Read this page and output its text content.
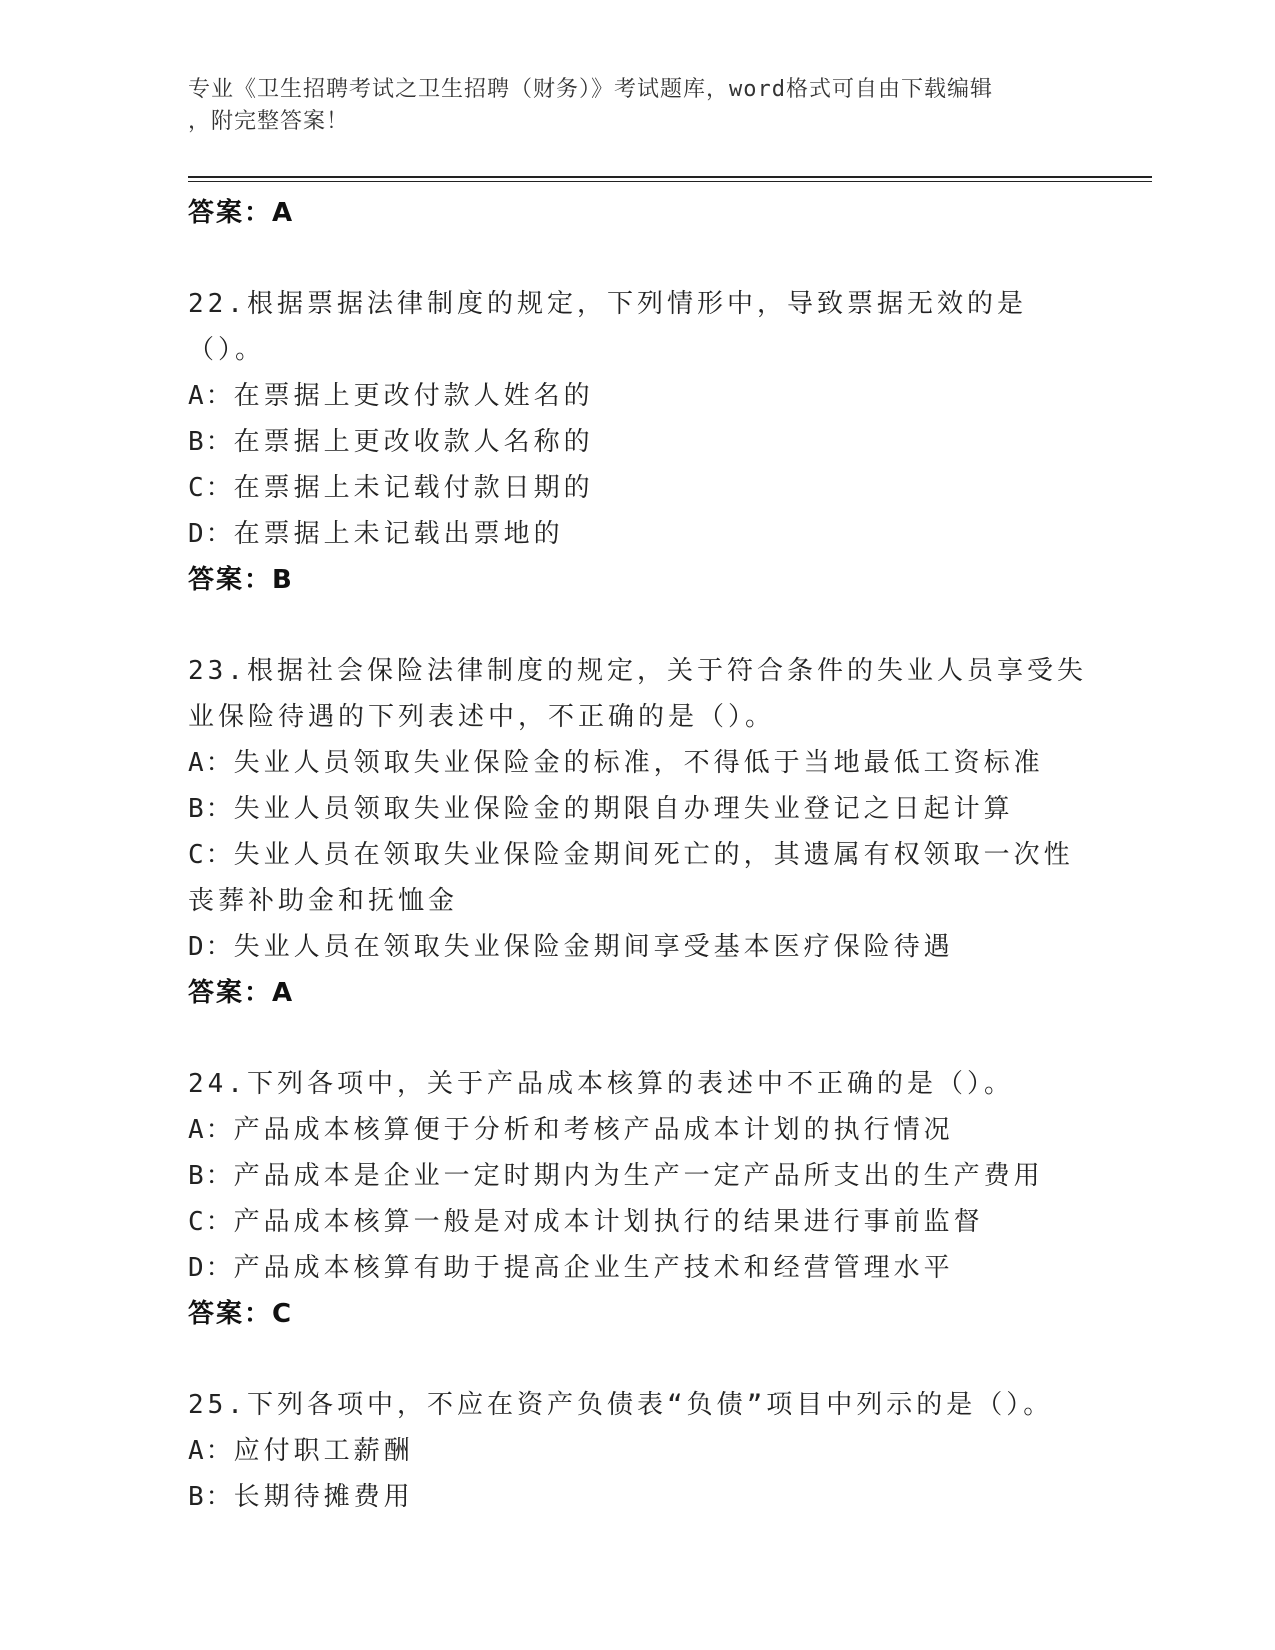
专业《卫生招聘考试之卫生招聘（财务）》考试题库，word格式可自由下载编辑
，附完整答案！
答案：A
22.根据票据法律制度的规定，下列情形中，导致票据无效的是（）。
A：在票据上更改付款人姓名的
B：在票据上更改收款人名称的
C：在票据上未记载付款日期的
D：在票据上未记载出票地的
答案：B
23.根据社会保险法律制度的规定，关于符合条件的失业人员享受失业保险待遇的下列表述中，不正确的是（）。
A：失业人员领取失业保险金的标准，不得低于当地最低工资标准
B：失业人员领取失业保险金的期限自办理失业登记之日起计算
C：失业人员在领取失业保险金期间死亡的，其遗属有权领取一次性丧葬补助金和抚恤金
D：失业人员在领取失业保险金期间享受基本医疗保险待遇
答案：A
24.下列各项中，关于产品成本核算的表述中不正确的是（）。
A：产品成本核算便于分析和考核产品成本计划的执行情况
B：产品成本是企业一定时期内为生产一定产品所支出的生产费用
C：产品成本核算一般是对成本计划执行的结果进行事前监督
D：产品成本核算有助于提高企业生产技术和经营管理水平
答案：C
25.下列各项中，不应在资产负债表“负债”项目中列示的是（）。
A：应付职工薪酬
B：长期待摊费用
